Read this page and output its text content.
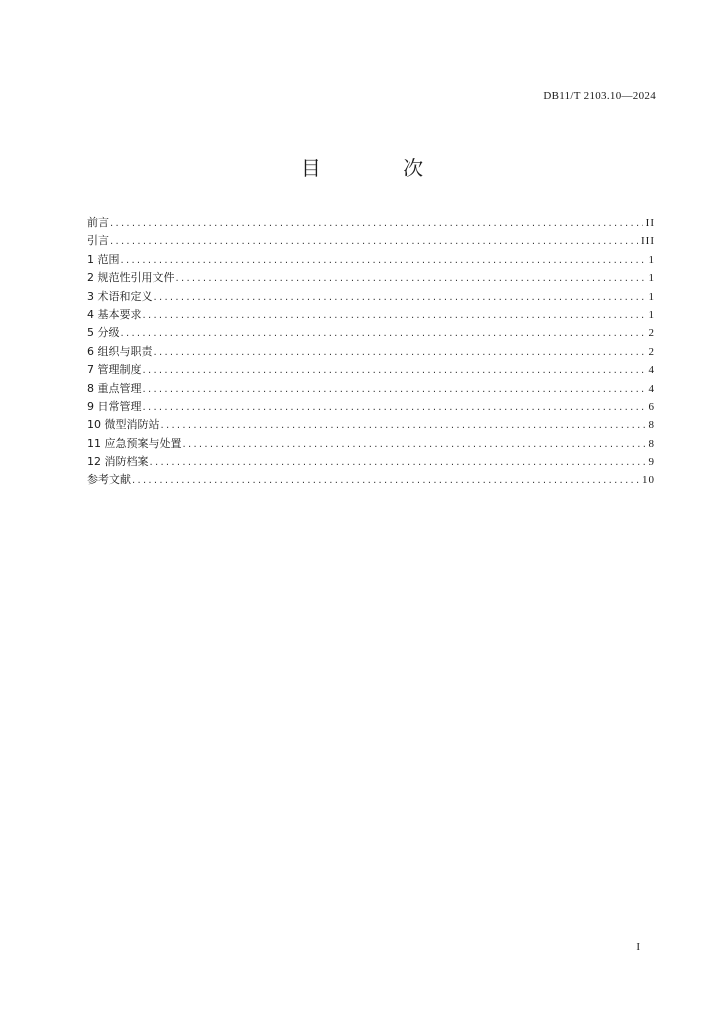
DB11/T 2103.10—2024
目 次
前言 .....	II
引言 .....	III
1 范围 .....	1
2 规范性引用文件 .....	1
3 术语和定义 .....	1
4 基本要求 .....	1
5 分级 .....	2
6 组织与职责 .....	2
7 管理制度 .....	4
8 重点管理 .....	4
9 日常管理 .....	6
10 微型消防站 .....	8
11 应急预案与处置 .....	8
12 消防档案 .....	9
参考文献 .....	10
I
